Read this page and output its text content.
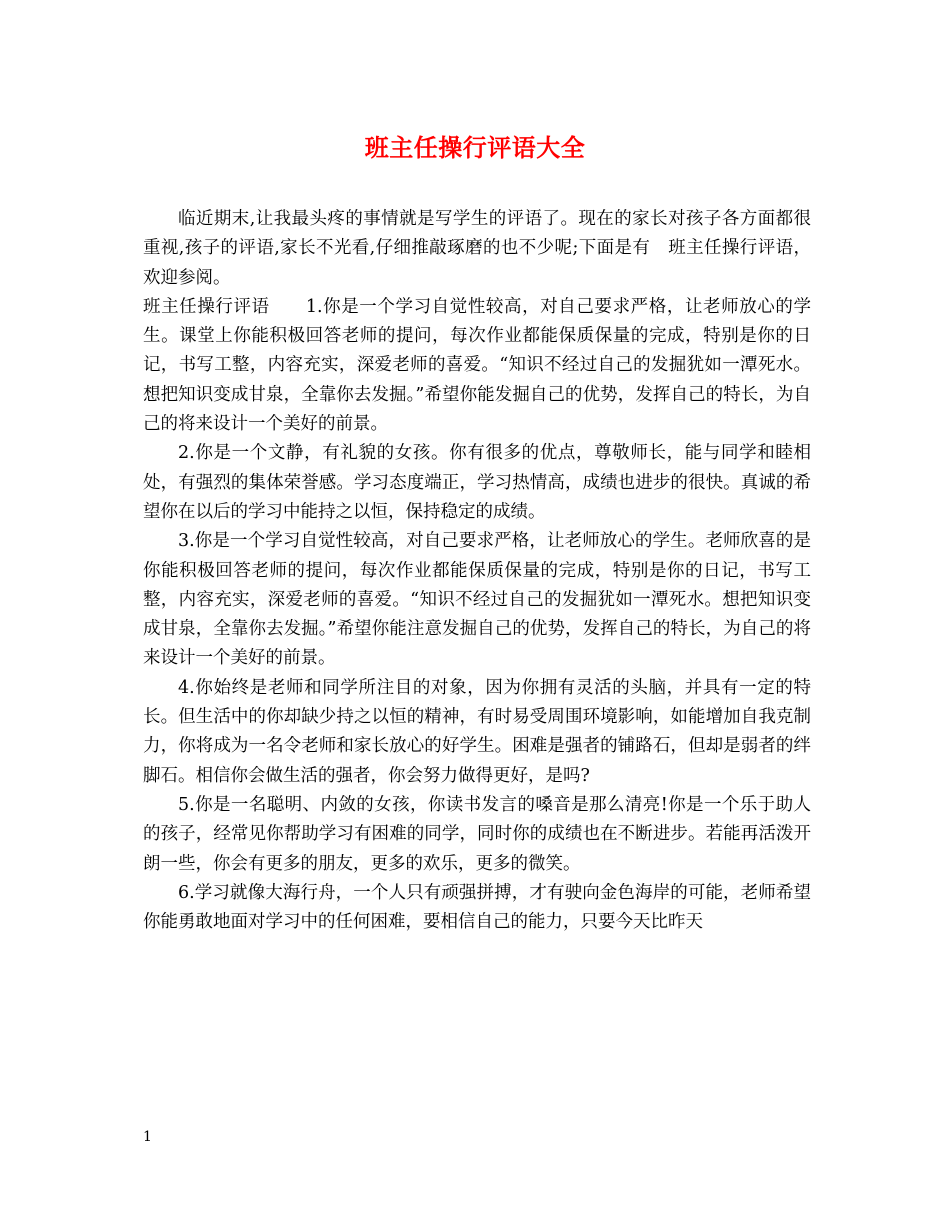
班主任操行评语大全

临近期末,让我最头疼的事情就是写学生的评语了。现在的家长对孩子各方面都很重视,孩子的评语,家长不光看,仔细推敲琢磨的也不少呢;下面是有　班主任操行评语，欢迎参阅。

班主任操行评语　　1.你是一个学习自觉性较高，对自己要求严格，让老师放心的学生。课堂上你能积极回答老师的提问，每次作业都能保质保量的完成，特别是你的日记，书写工整，内容充实，深爱老师的喜爱。“知识不经过自己的发掘犹如一潭死水。想把知识变成甘泉，全靠你去发掘。”希望你能发掘自己的优势，发挥自己的特长，为自己的将来设计一个美好的前景。

2.你是一个文静，有礼貌的女孩。你有很多的优点，尊敬师长，能与同学和睦相处，有强烈的集体荣誉感。学习态度端正，学习热情高，成绩也进步的很快。真诚的希望你在以后的学习中能持之以恒，保持稳定的成绩。

3.你是一个学习自觉性较高，对自己要求严格，让老师放心的学生。老师欣喜的是你能积极回答老师的提问，每次作业都能保质保量的完成，特别是你的日记，书写工整，内容充实，深爱老师的喜爱。“知识不经过自己的发掘犹如一潭死水。想把知识变成甘泉，全靠你去发掘。”希望你能注意发掘自己的优势，发挥自己的特长，为自己的将来设计一个美好的前景。

4.你始终是老师和同学所注目的对象，因为你拥有灵活的头脑，并具有一定的特长。但生活中的你却缺少持之以恒的精神，有时易受周围环境影响，如能增加自我克制力，你将成为一名令老师和家长放心的好学生。困难是强者的铺路石，但却是弱者的绊脚石。相信你会做生活的强者，你会努力做得更好，是吗?

5.你是一名聪明、内敛的女孩，你读书发言的嗓音是那么清亮!你是一个乐于助人的孩子，经常见你帮助学习有困难的同学，同时你的成绩也在不断进步。若能再活泼开朗一些，你会有更多的朋友，更多的欢乐，更多的微笑。

6.学习就像大海行舟，一个人只有顽强拼搏，才有驶向金色海岸的可能，老师希望你能勇敢地面对学习中的任何困难，要相信自己的能力，只要今天比昨天

1
